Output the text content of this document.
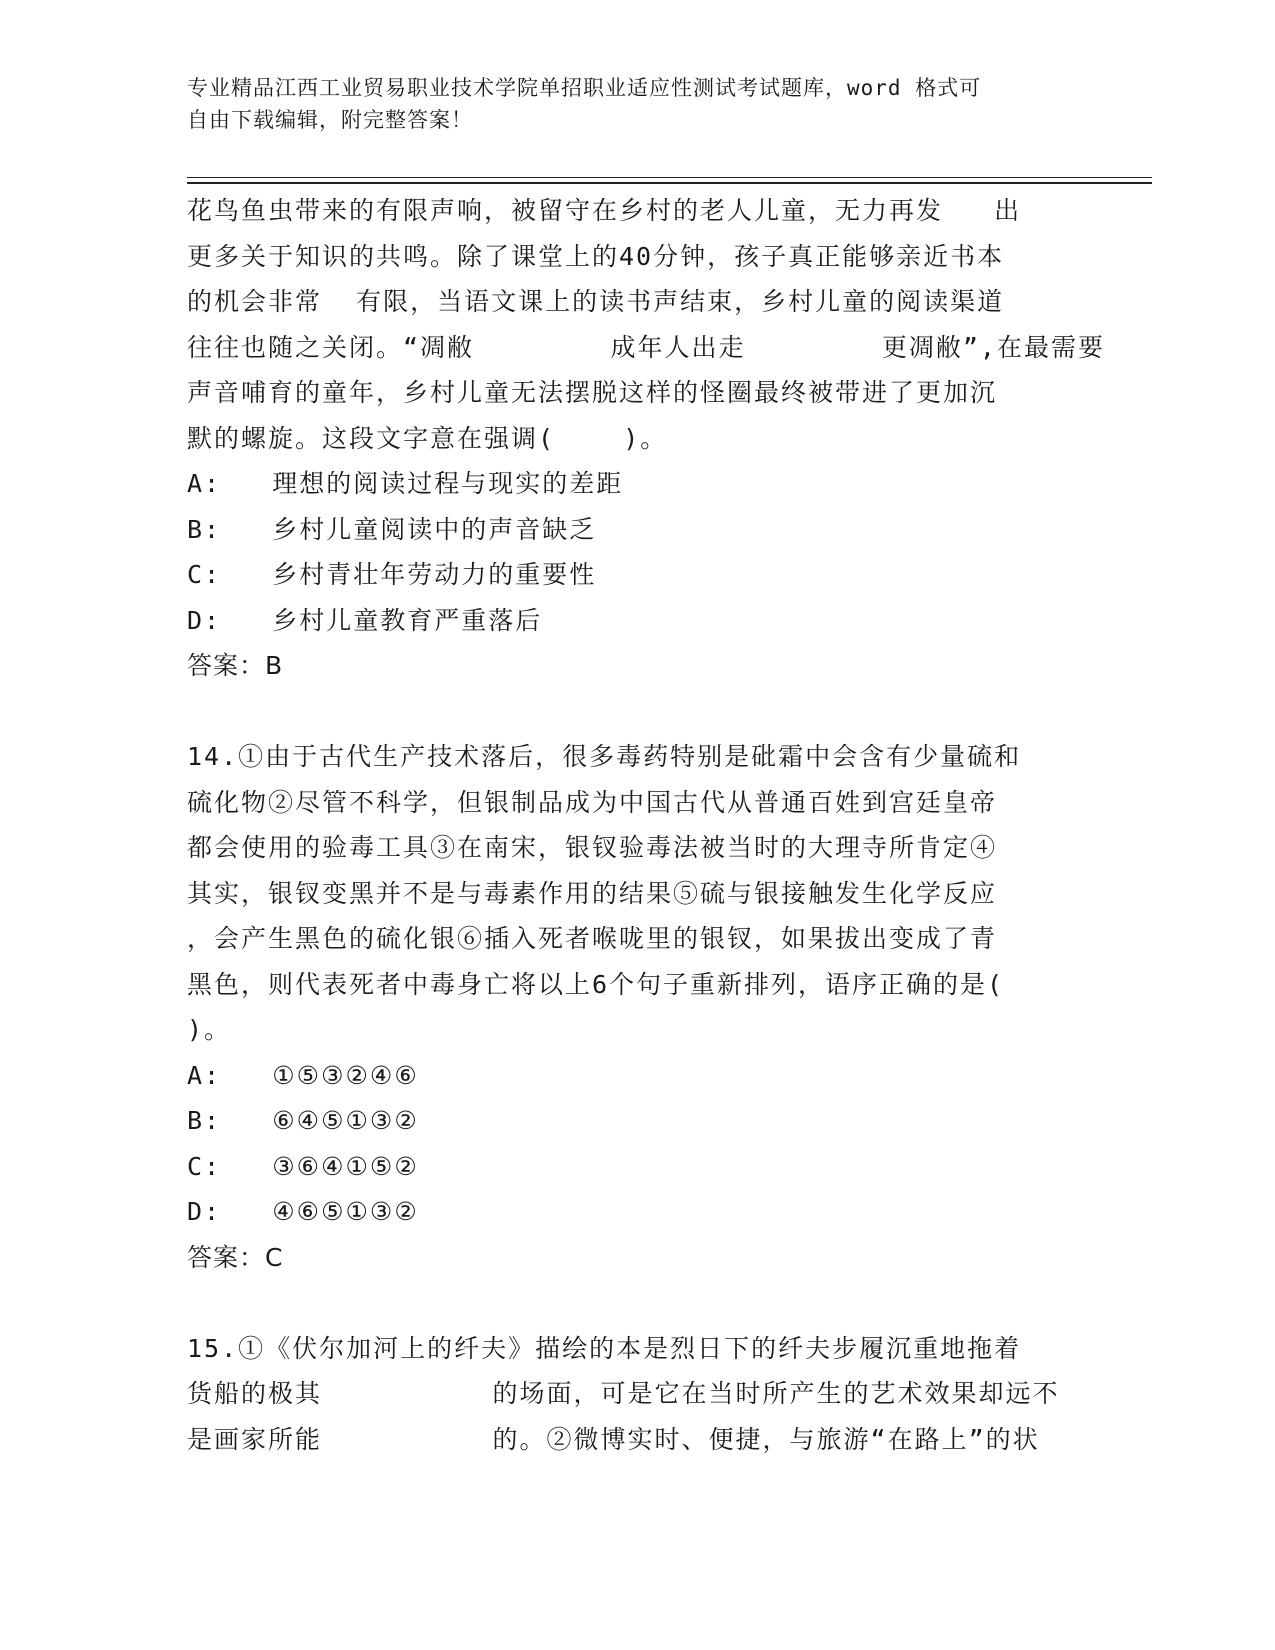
专业精品江西工业贸易职业技术学院单招职业适应性测试考试题库，word 格式可
自由下载编辑，附完整答案！
花鸟鱼虫带来的有限声响，被留守在乡村的老人儿童，无力再发   出
更多关于知识的共鸣。除了课堂上的40分钟，孩子真正能够亲近书本
的机会非常  有限，当语文课上的读书声结束，乡村儿童的阅读渠道
往往也随之关闭。“凋敝        成年人出走        更凋敝”,在最需要
声音哺育的童年，乡村儿童无法摆脱这样的怪圈最终被带进了更加沉
默的螺旋。这段文字意在强调(    )。
A:   理想的阅读过程与现实的差距
B:   乡村儿童阅读中的声音缺乏
C:   乡村青壮年劳动力的重要性
D:   乡村儿童教育严重落后
答案：B
14.①由于古代生产技术落后，很多毒药特别是砒霜中会含有少量硫和
硫化物②尽管不科学，但银制品成为中国古代从普通百姓到宫廷皇帝
都会使用的验毒工具③在南宋，银钗验毒法被当时的大理寺所肯定④
其实，银钗变黑并不是与毒素作用的结果⑤硫与银接触发生化学反应
，会产生黑色的硫化银⑥插入死者喉咙里的银钗，如果拔出变成了青
黑色，则代表死者中毒身亡将以上6个句子重新排列，语序正确的是(
)。
A:   ①⑤③②④⑥
B:   ⑥④⑤①③②
C:   ③⑥④①⑤②
D:   ④⑥⑤①③②
答案：C
15.①《伏尔加河上的纤夫》描绘的本是烈日下的纤夫步履沉重地拖着
货船的极其          的场面，可是它在当时所产生的艺术效果却远不
是画家所能          的。②微博实时、便捷，与旅游“在路上”的状
